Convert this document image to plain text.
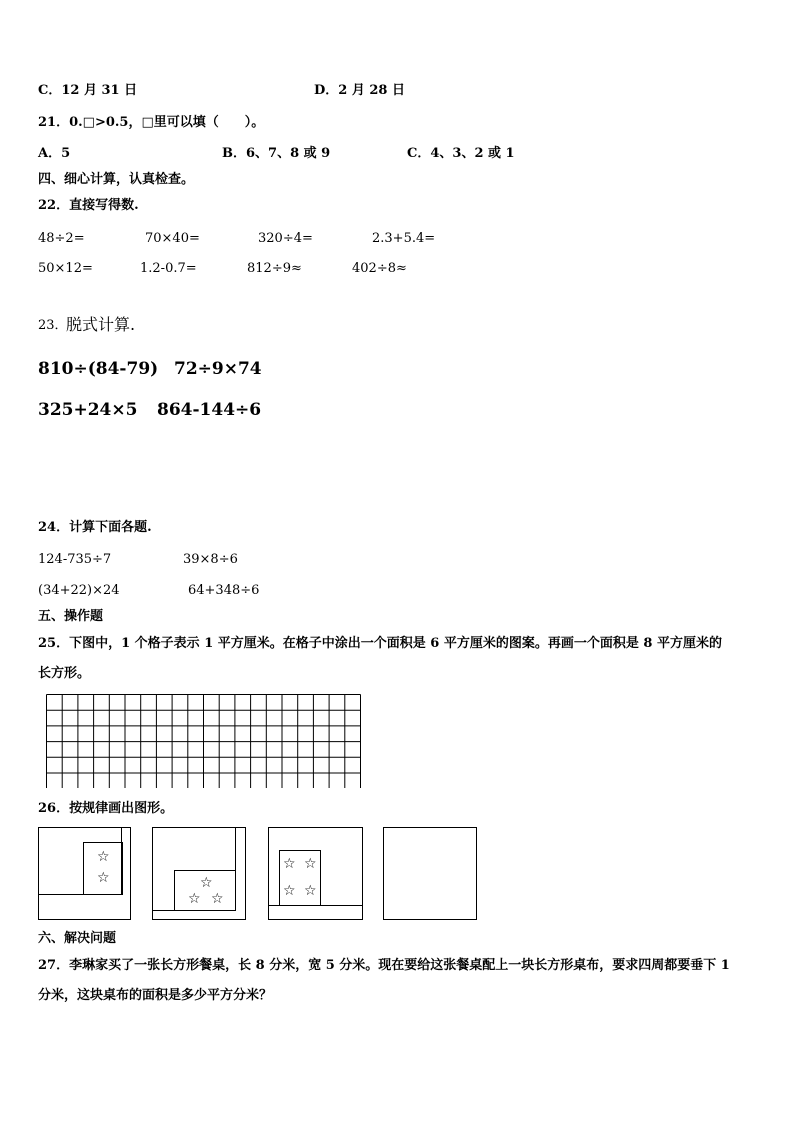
C．12 月 31 日	D．2 月 28 日
21．0.□>0.5，□里可以填（　　）。
A．5	B．6、7、8 或 9	C．4、3、2 或 1
四、细心计算，认真检查。
22．直接写得数.
48÷2=	70×40=	320÷4=	2.3+5.4=
50×12=	1.2-0.7=	812÷9≈	402÷8≈
23．
脱式计算.
810÷(84-79) 72÷9×74
325+24×5 864-144÷6
24．计算下面各题.
124-735÷7	39×8÷6
(34+22)×24	64+348÷6
五、操作题
25．下图中，1 个格子表示 1 平方厘米。在格子中涂出一个面积是 6 平方厘米的图案。再画一个面积是 8 平方厘米的
长方形。
26．按规律画出图形。
☆
☆	☆
☆ ☆
☆ ☆
☆ ☆
六、解决问题
27．李琳家买了一张长方形餐桌，长 8 分米，宽 5 分米。现在要给这张餐桌配上一块长方形桌布，要求四周都要垂下 1
分米，这块桌布的面积是多少平方分米？
